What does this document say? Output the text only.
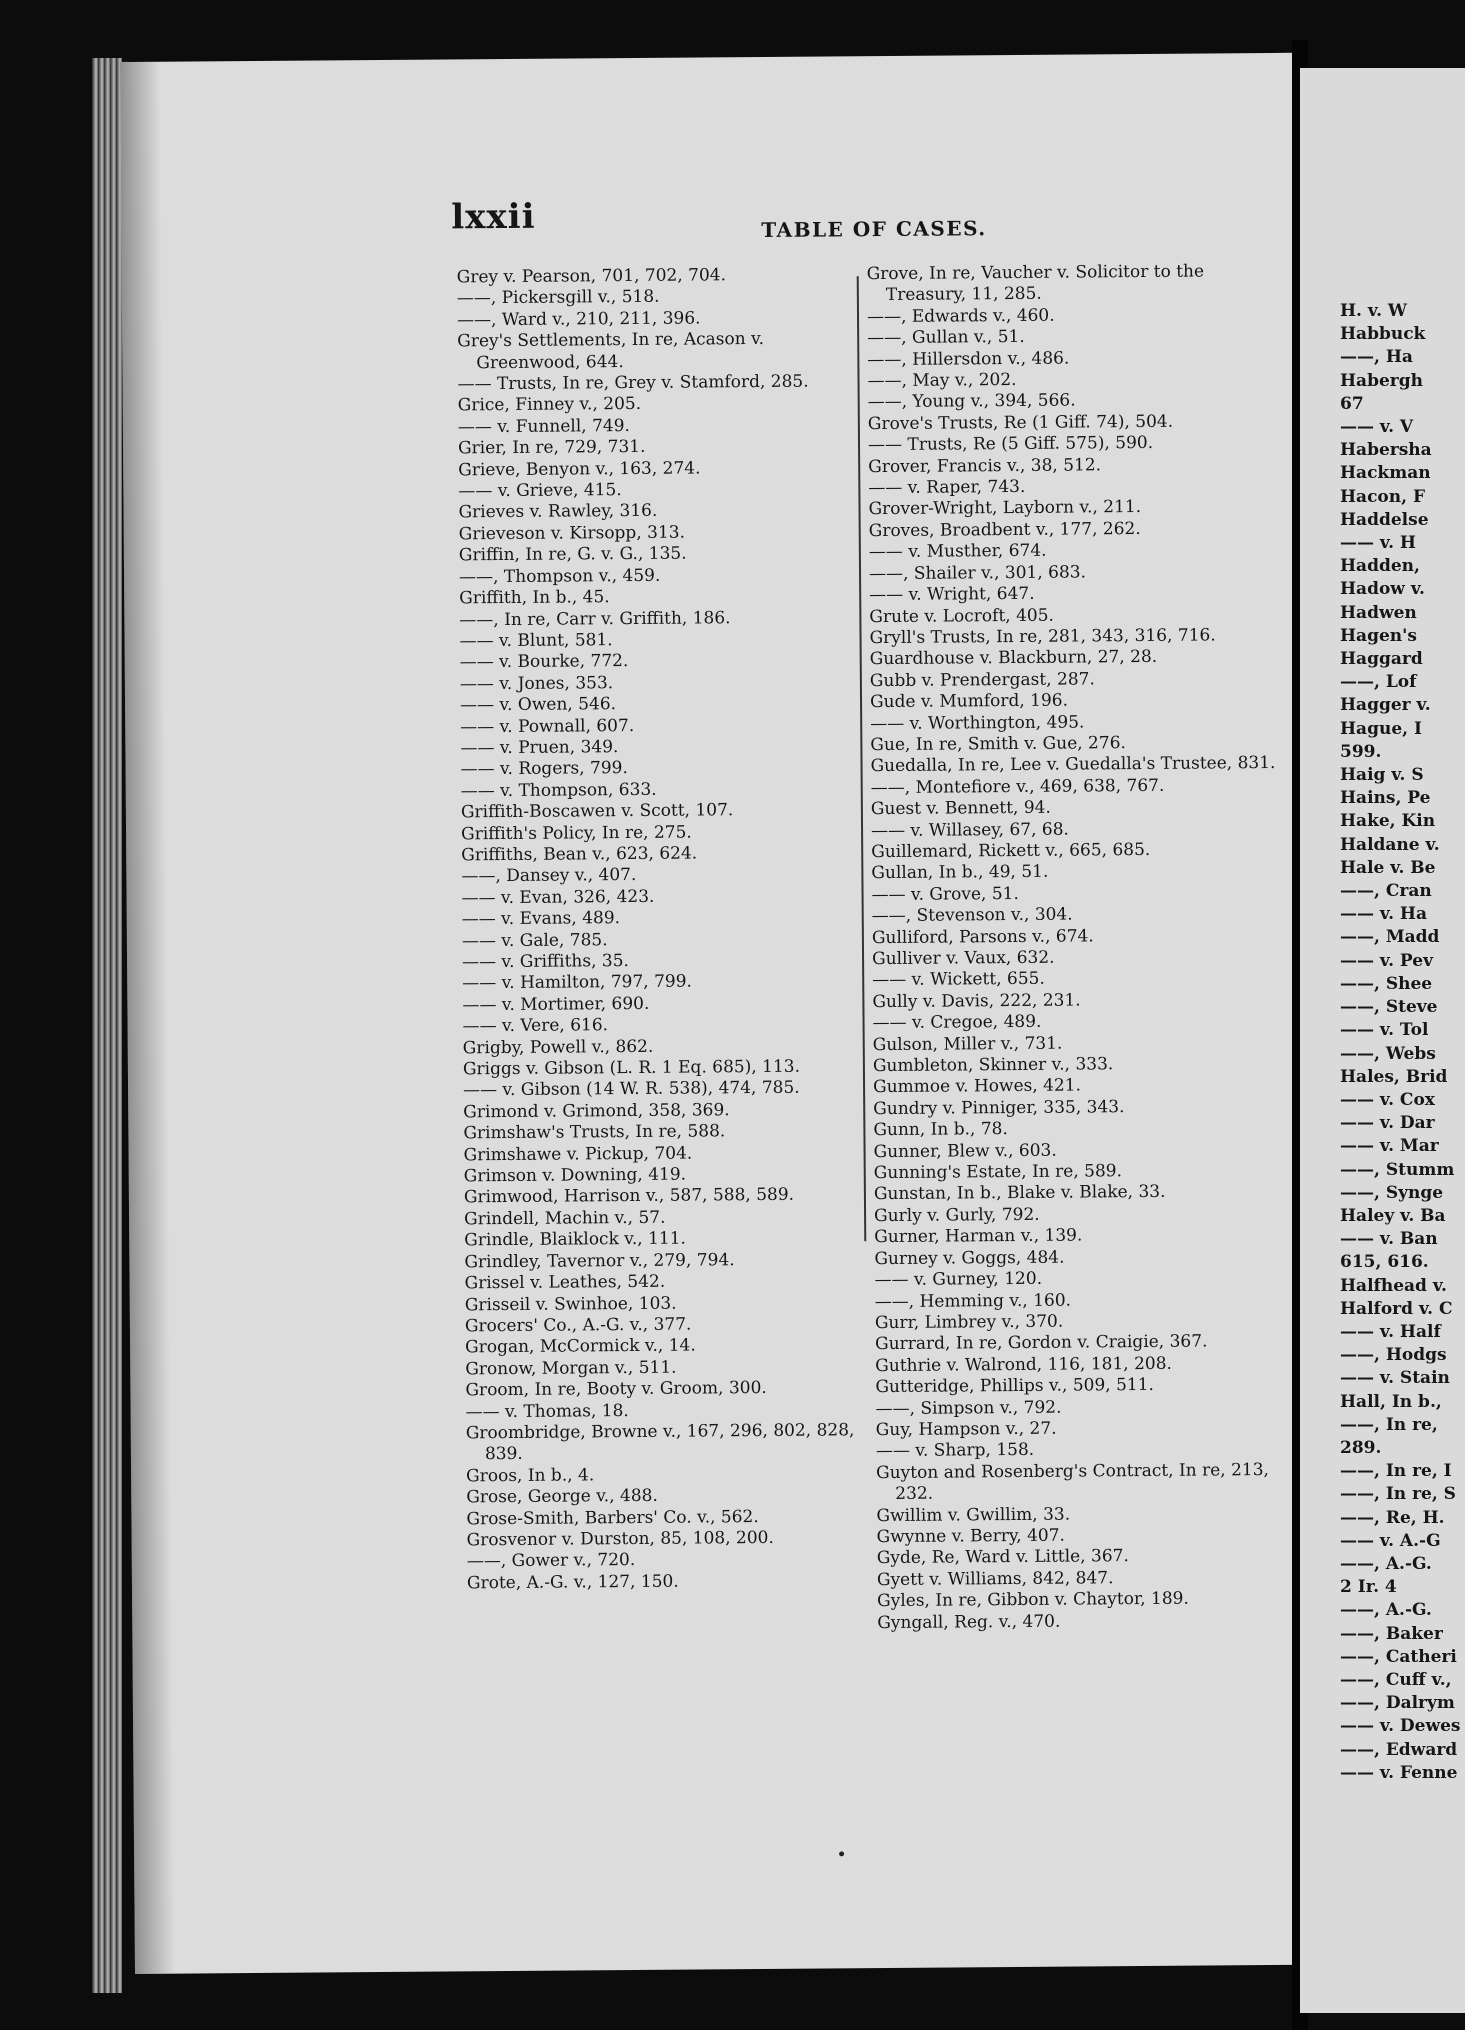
lxxii	TABLE OF CASES.
Grey v. Pearson, 701, 702, 704.
——, Pickersgill v., 518.
——, Ward v., 210, 211, 396.
Grey's Settlements, In re, Acason v. Greenwood, 644.
—— Trusts, In re, Grey v. Stamford, 285.
Grice, Finney v., 205.
—— v. Funnell, 749.
Grier, In re, 729, 731.
Grieve, Benyon v., 163, 274.
—— v. Grieve, 415.
Grieves v. Rawley, 316.
Grieveson v. Kirsopp, 313.
Griffin, In re, G. v. G., 135.
——, Thompson v., 459.
Griffith, In b., 45.
——, In re, Carr v. Griffith, 186.
—— v. Blunt, 581.
—— v. Bourke, 772.
—— v. Jones, 353.
—— v. Owen, 546.
—— v. Pownall, 607.
—— v. Pruen, 349.
—— v. Rogers, 799.
—— v. Thompson, 633.
Griffith-Boscawen v. Scott, 107.
Griffith's Policy, In re, 275.
Griffiths, Bean v., 623, 624.
——, Dansey v., 407.
—— v. Evan, 326, 423.
—— v. Evans, 489.
—— v. Gale, 785.
—— v. Griffiths, 35.
—— v. Hamilton, 797, 799.
—— v. Mortimer, 690.
—— v. Vere, 616.
Grigby, Powell v., 862.
Griggs v. Gibson (L. R. 1 Eq. 685), 113.
—— v. Gibson (14 W. R. 538), 474, 785.
Grimond v. Grimond, 358, 369.
Grimshaw's Trusts, In re, 588.
Grimshawe v. Pickup, 704.
Grimson v. Downing, 419.
Grimwood, Harrison v., 587, 588, 589.
Grindell, Machin v., 57.
Grindle, Blaiklock v., 111.
Grindley, Tavernor v., 279, 794.
Grissel v. Leathes, 542.
Grisseil v. Swinhoe, 103.
Grocers' Co., A.-G. v., 377.
Grogan, McCormick v., 14.
Gronow, Morgan v., 511.
Groom, In re, Booty v. Groom, 300.
—— v. Thomas, 18.
Groombridge, Browne v., 167, 296, 802, 828, 839.
Groos, In b., 4.
Grose, George v., 488.
Grose-Smith, Barbers' Co. v., 562.
Grosvenor v. Durston, 85, 108, 200.
——, Gower v., 720.
Grote, A.-G. v., 127, 150.
Grove, In re, Vaucher v. Solicitor to the Treasury, 11, 285.
——, Edwards v., 460.
——, Gullan v., 51.
——, Hillersdon v., 486.
——, May v., 202.
——, Young v., 394, 566.
Grove's Trusts, Re (1 Giff. 74), 504.
—— Trusts, Re (5 Giff. 575), 590.
Grover, Francis v., 38, 512.
—— v. Raper, 743.
Grover-Wright, Layborn v., 211.
Groves, Broadbent v., 177, 262.
—— v. Musther, 674.
——, Shailer v., 301, 683.
—— v. Wright, 647.
Grute v. Locroft, 405.
Gryll's Trusts, In re, 281, 343, 316, 716.
Guardhouse v. Blackburn, 27, 28.
Gubb v. Prendergast, 287.
Gude v. Mumford, 196.
—— v. Worthington, 495.
Gue, In re, Smith v. Gue, 276.
Guedalla, In re, Lee v. Guedalla's Trustee, 831.
——, Montefiore v., 469, 638, 767.
Guest v. Bennett, 94.
—— v. Willasey, 67, 68.
Guillemard, Rickett v., 665, 685.
Gullan, In b., 49, 51.
—— v. Grove, 51.
——, Stevenson v., 304.
Gulliford, Parsons v., 674.
Gulliver v. Vaux, 632.
—— v. Wickett, 655.
Gully v. Davis, 222, 231.
—— v. Cregoe, 489.
Gulson, Miller v., 731.
Gumbleton, Skinner v., 333.
Gummoe v. Howes, 421.
Gundry v. Pinniger, 335, 343.
Gunn, In b., 78.
Gunner, Blew v., 603.
Gunning's Estate, In re, 589.
Gunstan, In b., Blake v. Blake, 33.
Gurly v. Gurly, 792.
Gurner, Harman v., 139.
Gurney v. Goggs, 484.
—— v. Gurney, 120.
——, Hemming v., 160.
Gurr, Limbrey v., 370.
Gurrard, In re, Gordon v. Craigie, 367.
Guthrie v. Walrond, 116, 181, 208.
Gutteridge, Phillips v., 509, 511.
——, Simpson v., 792.
Guy, Hampson v., 27.
—— v. Sharp, 158.
Guyton and Rosenberg's Contract, In re, 213, 232.
Gwillim v. Gwillim, 33.
Gwynne v. Berry, 407.
Gyde, Re, Ward v. Little, 367.
Gyett v. Williams, 842, 847.
Gyles, In re, Gibbon v. Chaytor, 189.
Gyngall, Reg. v., 470.
H. v. W
Habbuck
——, Ha
Habergh
67
—— v. V
Habersha
Hackman
Hacon, F
Haddelse
—— v. H
Hadden,
Hadow v.
Hadwen
Hagen's
Haggard
——, Lof
Hagger v.
Hague, I
599.
Haig v. S
Hains, Pe
Hake, Kin
Haldane v.
Hale v. Be
——, Cran
—— v. Ha
——, Madd
—— v. Pev
——, Shee
——, Steve
—— v. Tol
——, Webs
Hales, Brid
—— v. Cox
—— v. Dar
—— v. Mar
——, Stumm
——, Synge
Haley v. Ba
—— v. Ban
615, 616.
Halfhead v.
Halford v. C
—— v. Half
——, Hodgs
—— v. Stain
Hall, In b.,
——, In re,
289.
——, In re, I
——, In re, S
——, Re, H.
—— v. A.-G
——, A.-G.
2 Ir. 4
——, A.-G.
——, Baker
——, Catheri
——, Cuff v.,
——, Dalrym
—— v. Dewes
——, Edward
—— v. Fenne
